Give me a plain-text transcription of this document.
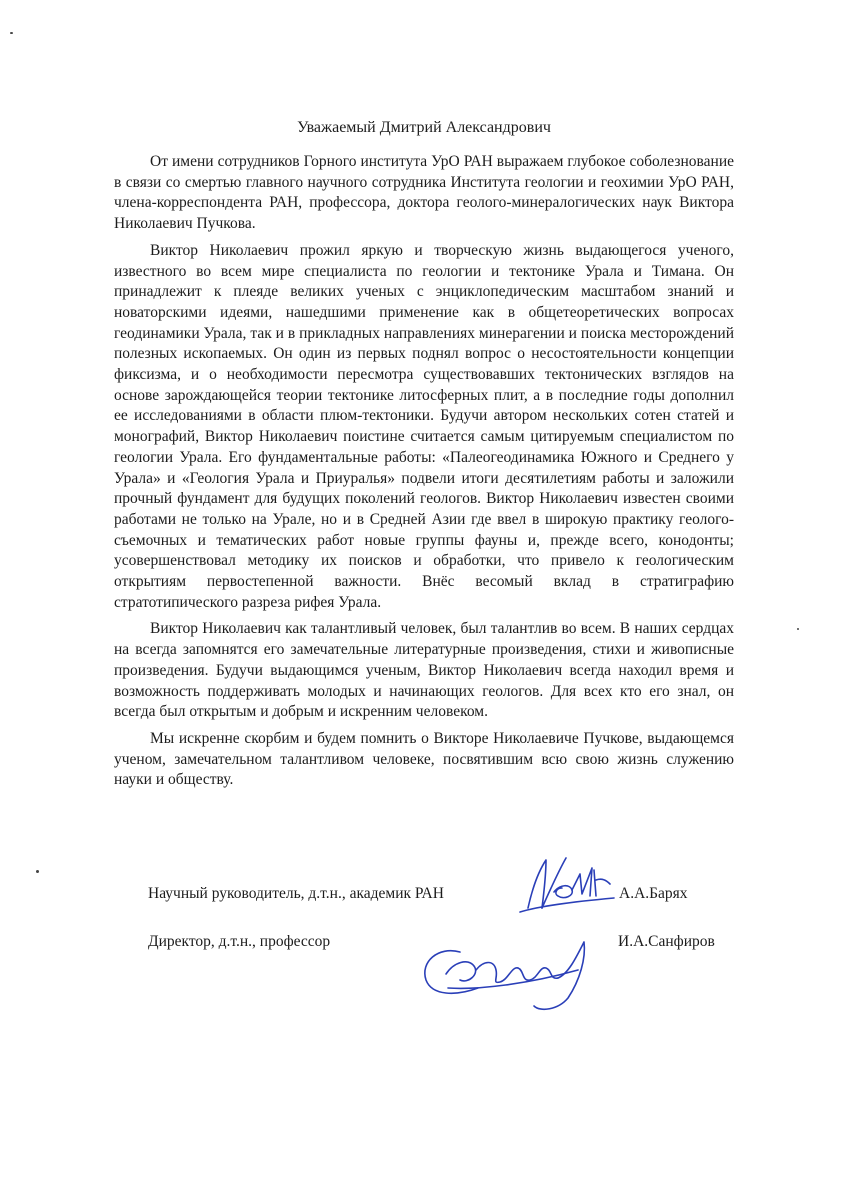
Уважаемый Дмитрий Александрович

От имени сотрудников Горного института УрО РАН выражаем глубокое соболезнование в связи со смертью главного научного сотрудника Института геологии и геохимии УрО РАН, члена-корреспондента РАН, профессора, доктора геолого-минералогических наук Виктора Николаевич Пучкова.

Виктор Николаевич прожил яркую и творческую жизнь выдающегося ученого, известного во всем мире специалиста по геологии и тектонике Урала и Тимана. Он принадлежит к плеяде великих ученых с энциклопедическим масштабом знаний и новаторскими идеями, нашедшими применение как в общетеоретических вопросах геодинамики Урала, так и в прикладных направлениях минерагении и поиска месторождений полезных ископаемых. Он один из первых поднял вопрос о несостоятельности концепции фиксизма, и о необходимости пересмотра существовавших тектонических взглядов на основе зарождающейся теории тектонике литосферных плит, а в последние годы дополнил ее исследованиями в области плюм-тектоники. Будучи автором нескольких сотен статей и монографий, Виктор Николаевич поистине считается самым цитируемым специалистом по геологии Урала. Его фундаментальные работы: «Палеогеодинамика Южного и Среднего у Урала» и «Геология Урала и Приуралья» подвели итоги десятилетиям работы и заложили прочный фундамент для будущих поколений геологов. Виктор Николаевич известен своими работами не только на Урале, но и в Средней Азии где ввел в широкую практику геолого-съемочных и тематических работ новые группы фауны и, прежде всего, конодонты; усовершенствовал методику их поисков и обработки, что привело к геологическим открытиям первостепенной важности. Внёс весомый вклад в стратиграфию стратотипического разреза рифея Урала.

Виктор Николаевич как талантливый человек, был талантлив во всем. В наших сердцах на всегда запомнятся его замечательные литературные произведения, стихи и живописные произведения. Будучи выдающимся ученым, Виктор Николаевич всегда находил время и возможность поддерживать молодых и начинающих геологов. Для всех кто его знал, он всегда был открытым и добрым и искренним человеком.

Мы искренне скорбим и будем помнить о Викторе Николаевиче Пучкове, выдающемся ученом, замечательном талантливом человеке, посвятившим всю свою жизнь служению науки и обществу.

Научный руководитель, д.т.н., академик РАН	А.А.Барях
Директор, д.т.н., профессор	И.А.Санфиров
